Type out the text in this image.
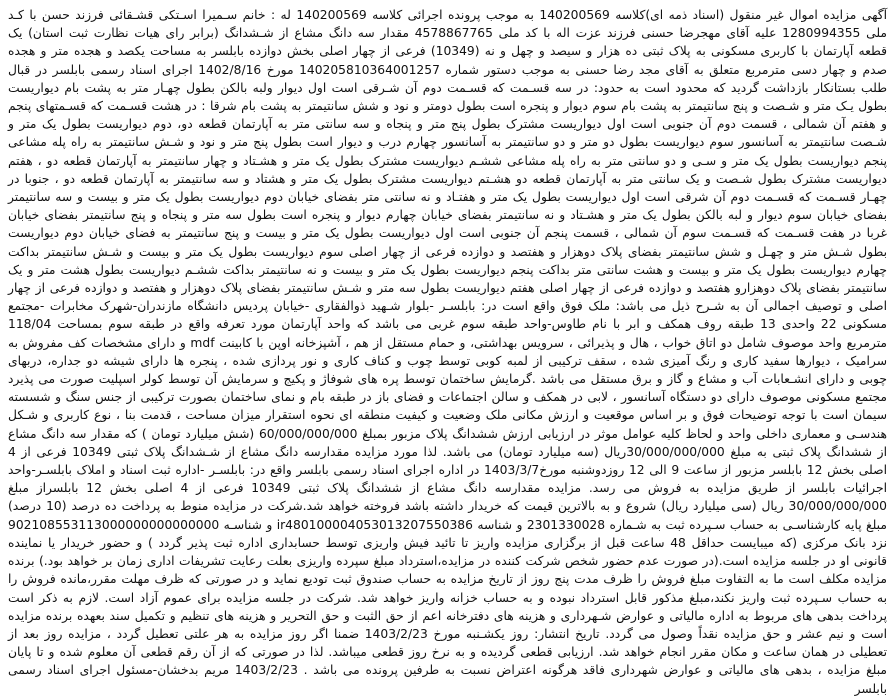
آگهی مزایده اموال غیر منقول (اسناد ذمه ای)کلاسه 140200569 به موجب پرونده اجرائی کلاسه 140200569 له : خانم سـمیرا اسـتکی قشـقائی فرزند حسن با کـد ملی 1280994355 علیه آقای مهجرضا حسنی فرزند عزت اله با کد ملی 4578867765 مقدار سه دانگ مشاع از شـشدانگ (برابر رای هیات نظارت ثبت استان) یک قطعه آپارتمان با کاربری مسکونی به پلاک ثبتی ده هزار و سیصد و چهل و نه (10349) فرعی از چهار اصلی بخش دوازده بابلسر به مساحت یکصد و هجده متر و هجده صدم و چهار دسی مترمربع متعلق به آقای مجد رضا حسنی به موجب دستور شماره 140205810364001257 مورخ 1402/8/16 اجرای اسناد رسمی بابلسر در قبال طلب بستانکار بازداشت گردید که محدود است به حدود: در سه قسـمت که قسـمت دوم آن شـرقی است اول دیوار ولبه بالکن بطول چهـار متر به پشت بام دیواریست بطول یـک متر و شـصت و پنج سانتیمتر به پشت بام سوم دیوار و پنجره است بطول دومتر و نود و شش سانتیمتر به پشت بام شرقا : در هشت قسـمت که قسـمتهای پنجم و هفتم آن شمالی ، قسمت دوم آن جنوبی است اول دیواریست مشترک بطول پنج متر و پنجاه و سه سانتی متر به آپارتمان قطعه دو، دوم دیواریست بطول یک متر و شـصت سانتیمتر به آسانسور سوم دیواریست بطول دو متر و دو سانتیمتر به آسانسور چهارم درب و دیوار است بطول پنج متر و نود و شـش سانتیمتر به راه پله مشاعی پنجم دیواریست بطول یک متر و سـی و دو سانتی متر به راه پله مشاعی ششـم دیواریست مشترک بطول یک متر و هشـتاد و چهار سانتیمتر به آپارتمان قطعه دو ، هفتم دیواریست مشترک بطول شـصت و یک سانتی متر به آپارتمان قطعه دو هشـتم دیواریست مشترک بطول یک متر و هشتاد و سه سانتیمتر به آپارتمان قطعه دو ، جنوبا در چهـار قسـمت که قسـمت دوم آن شرقی است اول دیواریست بطول یک متر و هفتـاد و نه سانتی متر بفضای خیابان دوم دیواریست بطول یک متر و بیست و سه سانتیمتر بفضای خیابان سوم دیوار و لبه بالکن بطول یک متر و هشـتاد و نه سانتیمتر بفضای خیابان چهارم دیوار و پنجره است بطول سه متر و پنجاه و پنج سانتیمتر بفضای خیابان غربا در هفت قسـمت که قسـمت سوم آن شمالی ، قسمت پنجم آن جنوبی است اول دیواریست بطول یک متر و بیست و پنج سانتیمتر به فضای خیابان دوم دیواریست بطول شـش متر و چهـل و شش سانتیمتر بفضای پلاک دوهزار و هفتصد و دوازده فرعی از چهار اصلی سوم دیواریست بطول یک متر و بیست و شـش سانتیمتر بداکت چهارم دیواریست بطول یک متر و بیست و هشت سانتی متر بداکت پنجم دیواریست بطول یک متر و بیست و نه سانتیمتر بداکت ششـم دیواریست بطول هشت متر و یک سانتیمتر بفضای پلاک دوهزارو هفتصد و دوازده فرعی از چهار اصلی هفتم دیواریست بطول سه متر و شـش سانتیمتر بفضای پلاک دوهزار و هفتصد و دوازده فرعی از چهار اصلی و توصیف اجمالی آن به شـرح ذیل می باشد: ملک فوق واقع است در: بابلسـر -بلوار شـهید ذوالفقاری -خیابان پردیس دانشگاه مازندران-شهرک مخابرات -مجتمع مسکونی 22 واحدی 13 طبقه روف همکف و ابر با نام طاوس-واحد طبقه سوم غربی می باشد که واحد آپارتمان مورد تعرفه واقع در طبقه سوم بمساحت 118/04 مترمربع واحد موصوف شامل دو اتاق خواب ، هال و پذیرائی ، سرویس بهداشتی، و حمام مستقل از هم ، آشپزخانه اوپن با کابینت mdf و دارای مشخصات کف مفروش به سرامیک ، دیوارها سفید کاری و رنگ آمیزی شده ، سقف ترکیبی از لمبه کوبی توسط چوب و کناف کاری و نور پردازی شده ، پنجره ها دارای شیشه دو جداره، دربهای چوبی و دارای انشـعابات آب و مشاع و گاز و برق مستقل می باشد .گرمایش ساختمان توسط پره های شوفاژ و پکیج و سرمایش آن توسط کولر اسپلیت صورت می پذیرد مجتمع مسکونی موصوف دارای دو دستگاه آسانسور ، لابی در همکف و سالن اجتماعات و فضای باز در طبقه بام و نمای ساختمان بصورت ترکیبی از جنس سنگ و شسسته سیمان است با توجه توضیحات فوق و بر اساس موقعیت و ارزش مکانی ملک وضعیت و کیفیت منطقه ای نحوه استقرار میزان مساحت ، قدمت بنا ، نوع کاربری و شـکل هندسـی و معماری داخلی واحد و لحاظ کلیه عوامل موثر در ارزیابی ارزش ششدانگ پلاک مزبور بمبلغ 60/000/000/000 (شش میلیارد تومان ) که مقدار سه دانگ مشاع از ششدانگ پلاک ثبتی به مبلغ 30/000/000/000ریال (سه میلیارد تومان) می باشد. لذا مورد مزایده مقدارسه دانگ مشاع از شـشدانگ پلاک ثبتی 10349 فرعی از 4 اصلی بخش 12 بابلسر مزبور از ساعت 9 الی 12 روزدوشنبه مورخ1403/3/7 در اداره اجرای اسناد رسمی بابلسر واقع در: بابلسـر -اداره ثبت اسناد و املاک بابلسـر-واحد اجرائیات بابلسر از طریق مزایده به فروش می رسد. مزایده مقدارسه دانگ مشاع از ششدانگ پلاک ثبتی 10349 فرعی از 4 اصلی بخش 12 بابلسراز مبلغ 30/000/000/000 ریال (سی میلیارد ریال) شروع و به بالاترین قیمت که خریدار داشته باشد فروخته خواهد شد.شرکت در مزایده منوط به پرداخت ده درصد (10 درصد) مبلغ پایه کارشناسـی به حساب سـپرده ثبت به شـماره 2301330028 و شناسه ir480100004053013207550386 و شناسـه 902108553113000000000000000 نزد بانک مرکزی (که میبایست حداقل 48 ساعت قبل از برگزاری مزایده واریز تا تائید فیش واریزی توسط حسابداری اداره ثبت پذیر گردد ) و حضور خریدار یا نماینده قانونی او در جلسه مزایده است.(در صورت عدم حضور شخص شرکت کننده در مزایده،استرداد مبلغ سپرده واریزی بعلت رعایت تشریفات اداری زمان بر خواهد بود.) برنده مزایده مکلف است ما به التفاوت مبلغ فروش را ظرف مدت پنج روز از تاریخ مزایده به حساب صندوق ثبت تودیع نماید و در صورتی که ظرف مهلت مقرر،مانده فروش را به حساب سـپرده ثبت واریز نکند،مبلغ مذکور قابل استرداد نبوده و به حساب خزانه واریز خواهد شد. شرکت در جلسه مزایده برای عموم آزاد است. لازم به ذکر است پرداخت بدهی های مربوط به اداره مالیاتی و عوارض شـهرداری و هزینه های دفترخانه اعم از حق الثبت و حق التحریر و هزینه های تنظیم و تکمیل سند بعهده برنده مزایده است و نیم عشر و حق مزایده نقداً وصول می گردد. تاریخ انتشار: روز یکشـنبه مورخ 1403/2/23 ضمنا اگر روز مزایده به هر علتی تعطیل گردد ، مزایده روز بعد از تعطیلی در همان ساعت و مکان مقرر انجام خواهد شد. ارزیابی قطعی گردیده و به نرخ روز قطعی میباشد. لذا در صورتی که از آن رقم قطعی آن معلوم شده و تا پایان مبلغ مزایده ، بدهی های مالیاتی و عوارض شهرداری فاقد هرگونه اعتراض نسبت به طرفین پرونده می باشد . 1403/2/23 مریم بدخشان-مسئول اجرای اسناد رسمی بابلسر
